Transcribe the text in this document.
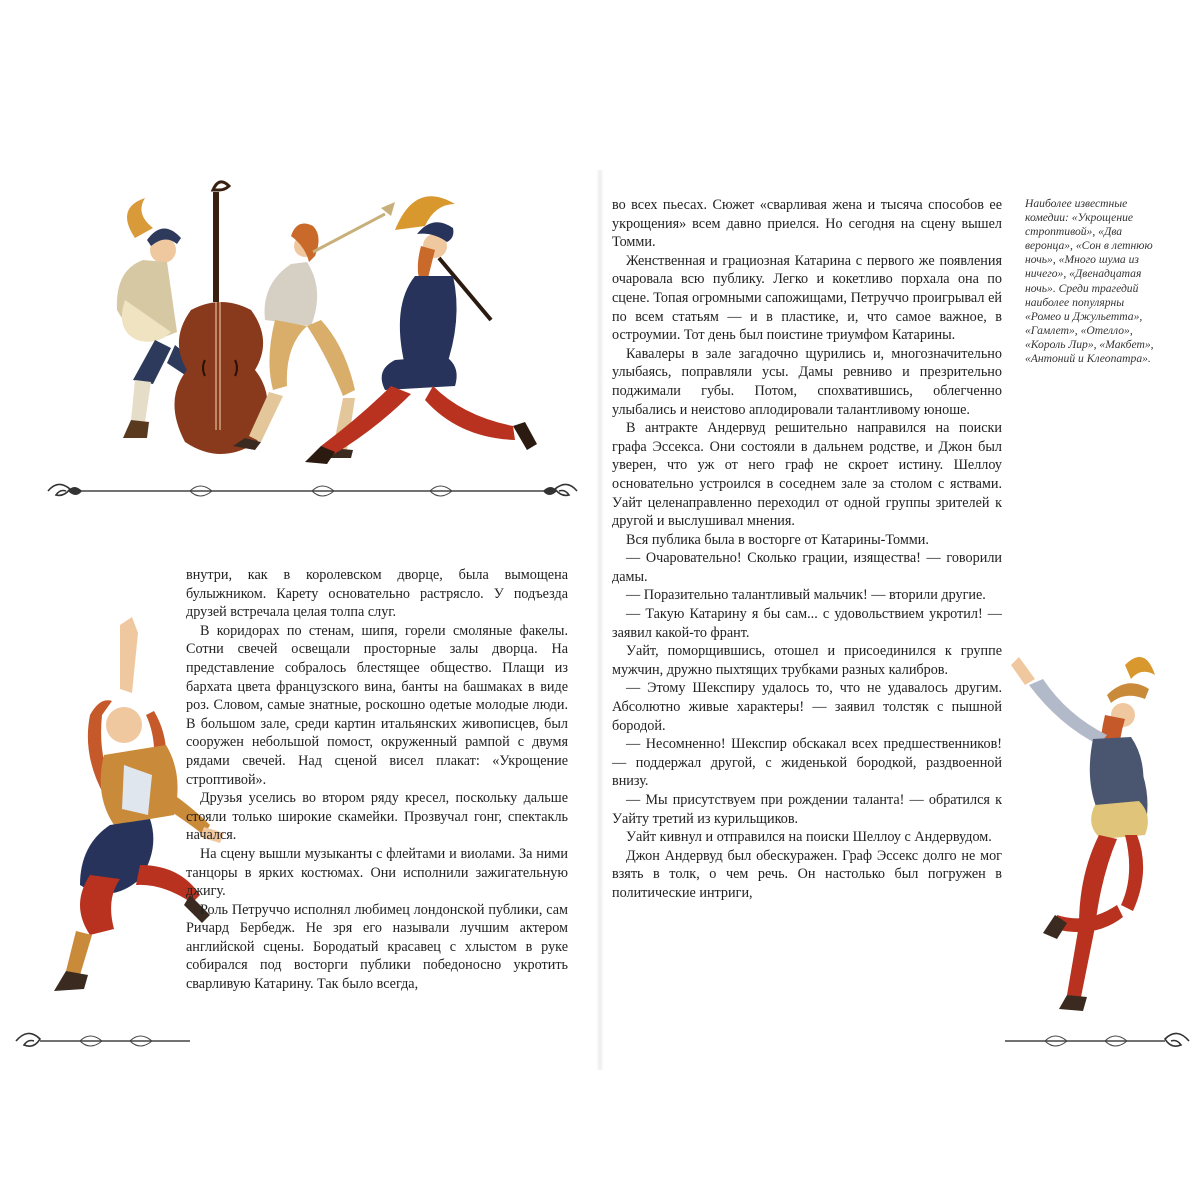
внутри, как в королевском дворце, была вымощена булыжником. Карету основательно растрясло. У подъезда друзей встречала целая толпа слуг.

В коридорах по стенам, шипя, горели смоляные факелы. Сотни свечей освещали просторные залы дворца. На представление собралось блестящее общество. Плащи из бархата цвета французского вина, банты на башмаках в виде роз. Словом, самые знатные, роскошно одетые молодые люди. В большом зале, среди картин итальянских живописцев, был сооружен небольшой помост, окруженный рампой с двумя рядами свечей. Над сценой висел плакат: «Укрощение строптивой».

Друзья уселись во втором ряду кресел, поскольку дальше стояли только широкие скамейки. Прозвучал гонг, спектакль начался.

На сцену вышли музыканты с флейтами и виолами. За ними танцоры в ярких костюмах. Они исполнили зажигательную джигу.

Роль Петруччо исполнял любимец лондонской публики, сам Ричард Бербедж. Не зря его называли лучшим актером английской сцены. Бородатый красавец с хлыстом в руке собирался под восторги публики победоносно укротить сварливую Катарину. Так было всегда,

во всех пьесах. Сюжет «сварливая жена и тысяча способов ее укрощения» всем давно приелся. Но сегодня на сцену вышел Томми.

Женственная и грациозная Катарина с первого же появления очаровала всю публику. Легко и кокетливо порхала она по сцене. Топая огромными сапожищами, Петруччо проигрывал ей по всем статьям — и в пластике, и, что самое важное, в остроумии. Тот день был поистине триумфом Катарины.

Кавалеры в зале загадочно щурились и, многозначительно улыбаясь, поправляли усы. Дамы ревниво и презрительно поджимали губы. Потом, спохватившись, облегченно улыбались и неистово аплодировали талантливому юноше.

В антракте Андервуд решительно направился на поиски графа Эссекса. Они состояли в дальнем родстве, и Джон был уверен, что уж от него граф не скроет истину. Шеллоу основательно устроился в соседнем зале за столом с яствами. Уайт целенаправленно переходил от одной группы зрителей к другой и выслушивал мнения.

Вся публика была в восторге от Катарины-Томми.

— Очаровательно! Сколько грации, изящества! — говорили дамы.

— Поразительно талантливый мальчик! — вторили другие.

— Такую Катарину я бы сам... с удовольствием укротил! — заявил какой-то франт.

Уайт, поморщившись, отошел и присоединился к группе мужчин, дружно пыхтящих трубками разных калибров.

— Этому Шекспиру удалось то, что не удавалось другим. Абсолютно живые характеры! — заявил толстяк с пышной бородой.

— Несомненно! Шекспир обскакал всех предшественников! — поддержал другой, с жиденькой бородкой, раздвоенной внизу.

— Мы присутствуем при рождении таланта! — обратился к Уайту третий из курильщиков.

Уайт кивнул и отправился на поиски Шеллоу с Андервудом.

Джон Андервуд был обескуражен. Граф Эссекс долго не мог взять в толк, о чем речь. Он настолько был погружен в политические интриги,

Наиболее известные комедии: «Укрощение строптивой», «Два веронца», «Сон в летнюю ночь», «Много шума из ничего», «Двенадцатая ночь». Среди трагедий наиболее популярны «Ромео и Джульетта», «Гамлет», «Отелло», «Король Лир», «Макбет», «Антоний и Клеопатра».
